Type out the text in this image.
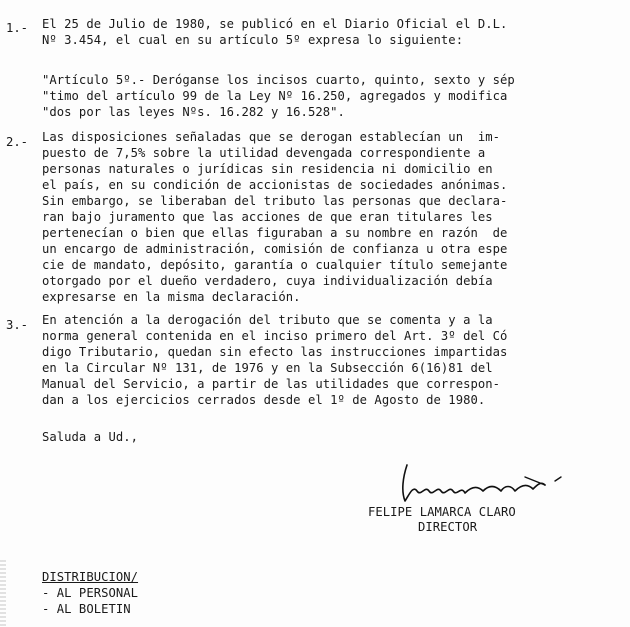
1.- El 25 de Julio de 1980, se publicó en el Diario Oficial el D.L.
Nº 3.454, el cual en su artículo 5º expresa lo siguiente:
"Artículo 5º.- Deróganse los incisos cuarto, quinto, sexto y sép
"timo del artículo 99 de la Ley Nº 16.250, agregados y modifica
"dos por las leyes Nºs. 16.282 y 16.528".
2.- Las disposiciones señaladas que se derogan establecían un  im-
puesto de 7,5% sobre la utilidad devengada correspondiente a
personas naturales o jurídicas sin residencia ni domicilio en
el país, en su condición de accionistas de sociedades anónimas.
Sin embargo, se liberaban del tributo las personas que declara-
ran bajo juramento que las acciones de que eran titulares les
pertenecían o bien que ellas figuraban a su nombre en razón  de
un encargo de administración, comisión de confianza u otra espe
cie de mandato, depósito, garantía o cualquier título semejante
otorgado por el dueño verdadero, cuya individualización debía
expresarse en la misma declaración.
3.- En atención a la derogación del tributo que se comenta y a la
norma general contenida en el inciso primero del Art. 3º del Có
digo Tributario, quedan sin efecto las instrucciones impartidas
en la Circular Nº 131, de 1976 y en la Subsección 6(16)81 del
Manual del Servicio, a partir de las utilidades que correspon-
dan a los ejercicios cerrados desde el 1º de Agosto de 1980.
Saluda a Ud.,
FELIPE LAMARCA CLARO
DIRECTOR
DISTRIBUCION/
- AL PERSONAL
- AL BOLETIN
